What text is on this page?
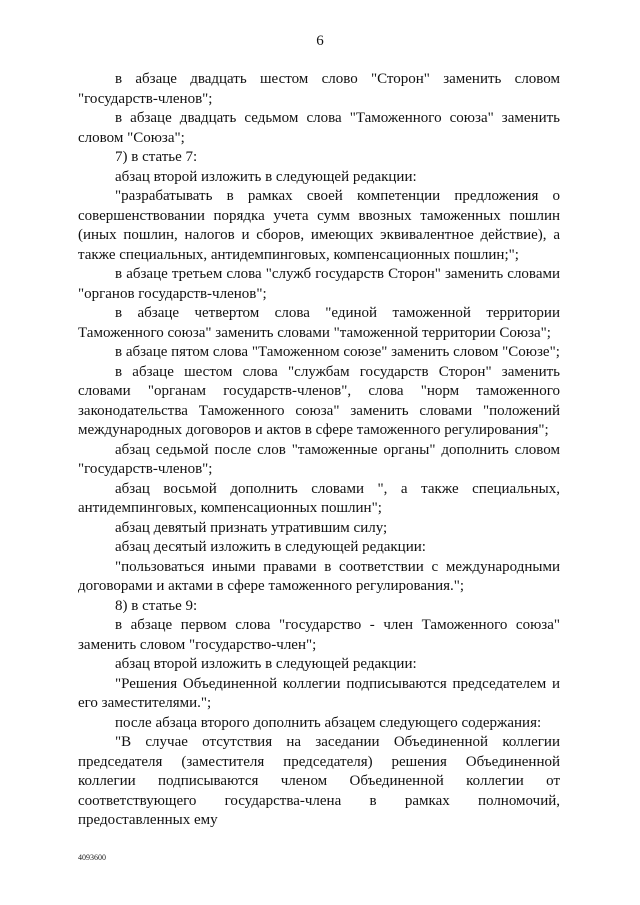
6

в абзаце двадцать шестом слово "Сторон" заменить словом "государств-членов";

в абзаце двадцать седьмом слова "Таможенного союза" заменить словом "Союза";

7) в статье 7:

абзац второй изложить в следующей редакции:

"разрабатывать в рамках своей компетенции предложения о совершенствовании порядка учета сумм ввозных таможенных пошлин (иных пошлин, налогов и сборов, имеющих эквивалентное действие), а также специальных, антидемпинговых, компенсационных пошлин;";

в абзаце третьем слова "служб государств Сторон" заменить словами "органов государств-членов";

в абзаце четвертом слова "единой таможенной территории Таможенного союза" заменить словами "таможенной территории Союза";

в абзаце пятом слова "Таможенном союзе" заменить словом "Союзе";

в абзаце шестом слова "службам государств Сторон" заменить словами "органам государств-членов", слова "норм таможенного законодательства Таможенного союза" заменить словами "положений международных договоров и актов в сфере таможенного регулирования";

абзац седьмой после слов "таможенные органы" дополнить словом "государств-членов";

абзац восьмой дополнить словами ", а также специальных, антидемпинговых, компенсационных пошлин";

абзац девятый признать утратившим силу;

абзац десятый изложить в следующей редакции:

"пользоваться иными правами в соответствии с международными договорами и актами в сфере таможенного регулирования.";

8) в статье 9:

в абзаце первом слова "государство - член Таможенного союза" заменить словом "государство-член";

абзац второй изложить в следующей редакции:

"Решения Объединенной коллегии подписываются председателем и его заместителями.";

после абзаца второго дополнить абзацем следующего содержания:

"В случае отсутствия на заседании Объединенной коллегии председателя (заместителя председателя) решения Объединенной коллегии подписываются членом Объединенной коллегии от соответствующего государства-члена в рамках полномочий, предоставленных ему

4093600
